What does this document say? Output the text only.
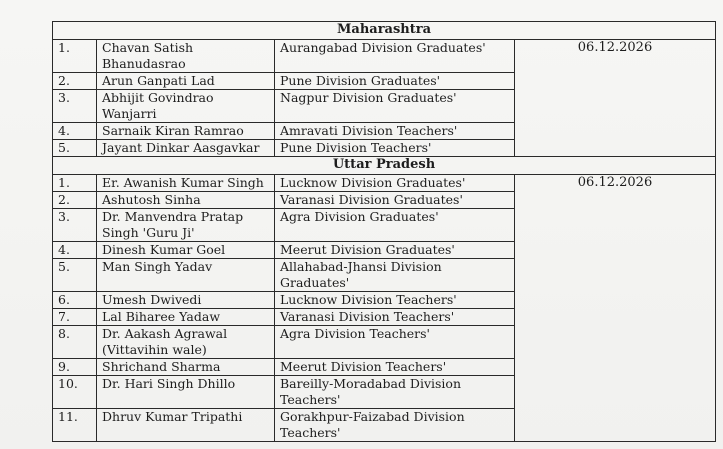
Maharashtra			
1.	Chavan Satish Bhanudasrao	Aurangabad Division Graduates'	06.12.2026
2.	Arun Ganpati Lad	Pune Division Graduates'	
3.	Abhijit Govindrao Wanjarri	Nagpur Division Graduates'	
4.	Sarnaik Kiran Ramrao	Amravati Division Teachers'	
5.	Jayant Dinkar Aasgavkar	Pune Division Teachers'	
Uttar Pradesh			
1.	Er. Awanish Kumar Singh	Lucknow Division Graduates'	06.12.2026
2.	Ashutosh Sinha	Varanasi Division Graduates'	
3.	Dr. Manvendra Pratap Singh 'Guru Ji'	Agra Division Graduates'	
4.	Dinesh Kumar Goel	Meerut Division Graduates'	
5.	Man Singh Yadav	Allahabad-Jhansi Division Graduates'	
6.	Umesh Dwivedi	Lucknow Division Teachers'	
7.	Lal Biharee Yadaw	Varanasi Division Teachers'	
8.	Dr. Aakash Agrawal (Vittavihin wale)	Agra Division Teachers'	
9.	Shrichand Sharma	Meerut Division Teachers'	
10.	Dr. Hari Singh Dhillo	Bareilly-Moradabad Division Teachers'	
11.	Dhruv Kumar Tripathi	Gorakhpur-Faizabad Division Teachers'	
